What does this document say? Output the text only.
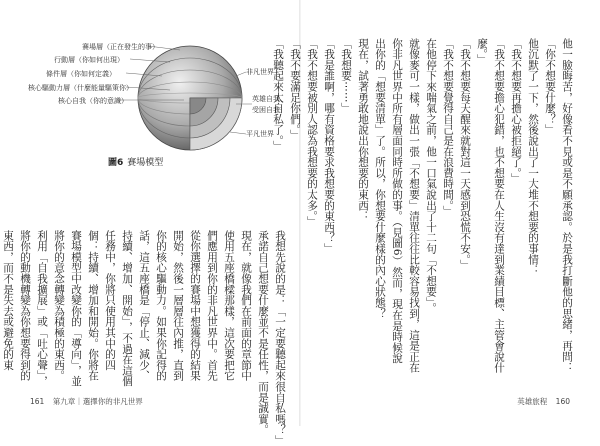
賽場層（正在發生的事）
行動層（你如何出現）
條件層（你如何定義）
核心驅動力層（什麼能量驅策你）
核心自我（你的意識）
非凡世界
英雄自我
受困自我
平凡世界
圖6 賽場模型
我想先說的是：「一定要聽起來很自私嗎？」
承諾自己想要什麼並不是任性，而是誠實。
現在，就像我們在前面的章節中使用五座橋樑那樣，這次要把它們應用到你的非凡世界中。首先從你選擇的賽場中想獲得的結果開始，然後一層層往內推，直到你的核心驅動力。如果你記得的話，這五座橋是「停止、減少、持續、增加、開始」，不過在這個任務中，你將只使用其中的四個：持續、增加和開始。你將在賽場模型中改變你的「導向」，並將你的意念轉變為積極的東西。利用「自我擴展」或「吐心聲」，將你的動機轉變為你想要得到的東西，而不是失去或避免的東	他一臉晦苦，好像看不見或是不願承認。於是我打斷他的思緒，再問：「你不想要什麼？」
他沉默了一下，然後說出了一大堆不想要的事情：
「我不想要再擔心被拒絕了。」
「我不想要擔心犯錯，也不想要在人生沒有達到業績目標、主管會說什麼。」
「我不想要每天醒來就對這一天感到恐慌不安。」
「我不想要覺得自己是在浪費時間。」
在他停下來喘氣之前，他一口氣說出了十二句「不想要」。
就像麥可一樣，做出一張「不想要」清單往往比較容易找到，這是正在你非凡世界中所有層面同時所做的事。（見圖6）然而，現在是時候說出你的「想要清單」了。所以，你想要什麼樣的內心狀態？
現在，試著勇敢地說出你想要的東西：
「我想要⋯⋯」
「我是誰啊，哪有資格要求我想要的東西？」
「我不想要被別人認為我想要的太多。」
「我不要滿足你們。」
「我聽起來太自私了。」
161 第九章｜選擇你的非凡世界	英雄旅程 160
